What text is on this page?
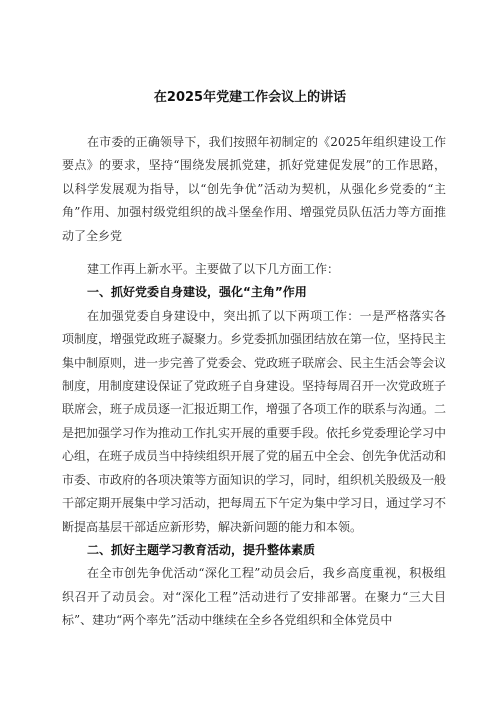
在2025年党建工作会议上的讲话

在市委的正确领导下，我们按照年初制定的《2025年组织建设工作要点》的要求，坚持“围绕发展抓党建，抓好党建促发展”的工作思路，以科学发展观为指导，以“创先争优”活动为契机，从强化乡党委的“主角”作用、加强村级党组织的战斗堡垒作用、增强党员队伍活力等方面推动了全乡党

建工作再上新水平。主要做了以下几方面工作：

一、抓好党委自身建设，强化“主角”作用

在加强党委自身建设中，突出抓了以下两项工作：一是严格落实各项制度，增强党政班子凝聚力。乡党委抓加强团结放在第一位，坚持民主集中制原则，进一步完善了党委会、党政班子联席会、民主生活会等会议制度，用制度建设保证了党政班子自身建设。坚持每周召开一次党政班子联席会，班子成员逐一汇报近期工作，增强了各项工作的联系与沟通。二是把加强学习作为推动工作扎实开展的重要手段。依托乡党委理论学习中心组，在班子成员当中持续组织开展了党的届五中全会、创先争优活动和市委、市政府的各项决策等方面知识的学习，同时，组织机关股级及一般干部定期开展集中学习活动，把每周五下午定为集中学习日，通过学习不断提高基层干部适应新形势，解决新问题的能力和本领。

二、抓好主题学习教育活动，提升整体素质

在全市创先争优活动“深化工程”动员会后，我乡高度重视，积极组织召开了动员会。对“深化工程”活动进行了安排部署。在聚力“三大目标”、建功“两个率先”活动中继续在全乡各党组织和全体党员中
